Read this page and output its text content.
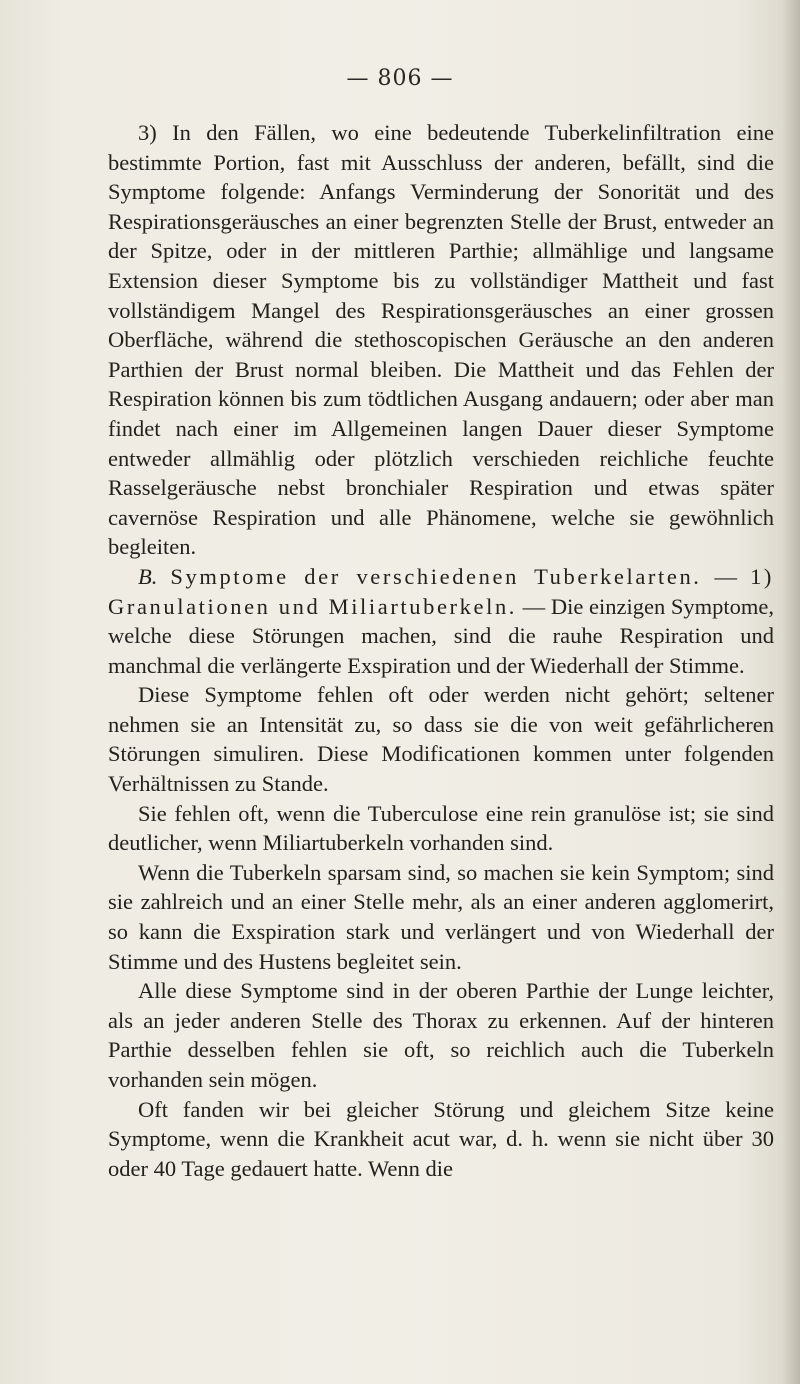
— 806 —

3) In den Fällen, wo eine bedeutende Tuberkelinfiltration eine bestimmte Portion, fast mit Ausschluss der anderen, befällt, sind die Symptome folgende: Anfangs Verminderung der Sonorität und des Respirationsgeräusches an einer begrenzten Stelle der Brust, entweder an der Spitze, oder in der mittleren Parthie; allmählige und langsame Extension dieser Symptome bis zu vollständiger Mattheit und fast vollständigem Mangel des Respirationsgeräusches an einer grossen Oberfläche, während die stethoscopischen Geräusche an den anderen Parthien der Brust normal bleiben. Die Mattheit und das Fehlen der Respiration können bis zum tödtlichen Ausgang andauern; oder aber man findet nach einer im Allgemeinen langen Dauer dieser Symptome entweder allmählig oder plötzlich verschieden reichliche feuchte Rasselgeräusche nebst bronchialer Respiration und etwas später cavernöse Respiration und alle Phänomene, welche sie gewöhnlich begleiten.

B. Symptome der verschiedenen Tuberkelarten. — 1) Granulationen und Miliartuberkeln. — Die einzigen Symptome, welche diese Störungen machen, sind die rauhe Respiration und manchmal die verlängerte Exspiration und der Wiederhall der Stimme.

Diese Symptome fehlen oft oder werden nicht gehört; seltener nehmen sie an Intensität zu, so dass sie die von weit gefährlicheren Störungen simuliren. Diese Modificationen kommen unter folgenden Verhältnissen zu Stande.

Sie fehlen oft, wenn die Tuberculose eine rein granulöse ist; sie sind deutlicher, wenn Miliartuberkeln vorhanden sind.

Wenn die Tuberkeln sparsam sind, so machen sie kein Symptom; sind sie zahlreich und an einer Stelle mehr, als an einer anderen agglomerirt, so kann die Exspiration stark und verlängert und von Wiederhall der Stimme und des Hustens begleitet sein.

Alle diese Symptome sind in der oberen Parthie der Lunge leichter, als an jeder anderen Stelle des Thorax zu erkennen. Auf der hinteren Parthie desselben fehlen sie oft, so reichlich auch die Tuberkeln vorhanden sein mögen.

Oft fanden wir bei gleicher Störung und gleichem Sitze keine Symptome, wenn die Krankheit acut war, d. h. wenn sie nicht über 30 oder 40 Tage gedauert hatte. Wenn die
